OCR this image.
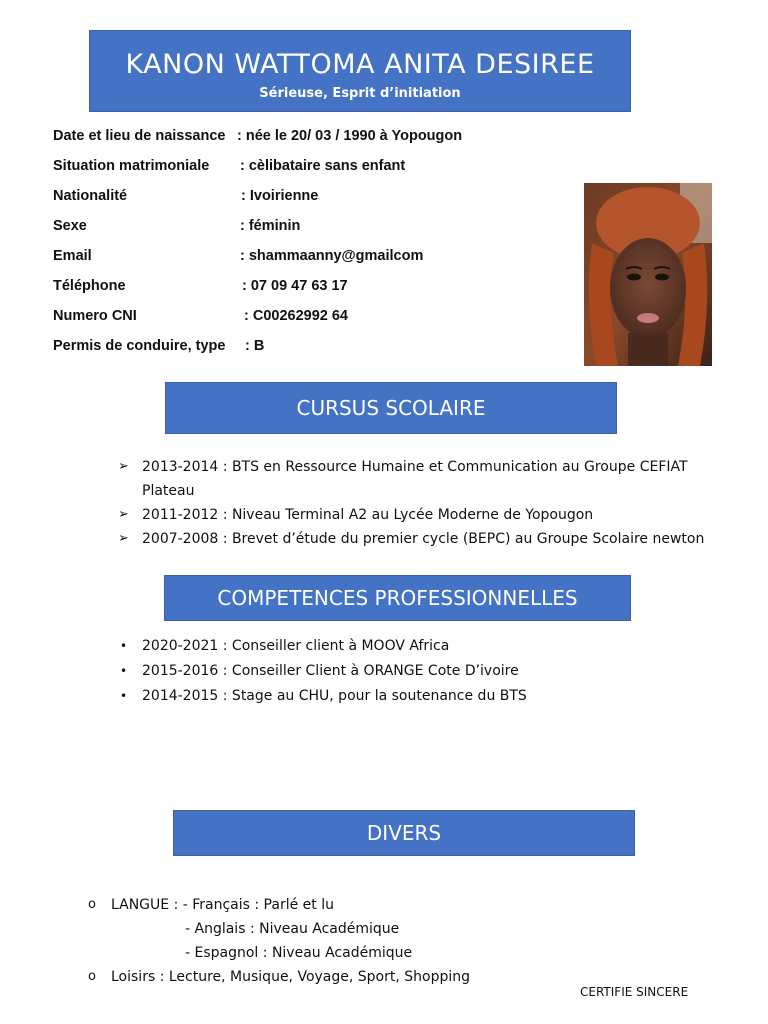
KANON WATTOMA ANITA DESIREE
Sérieuse, Esprit d’initiation
Date et lieu de naissance : née le 20/ 03 / 1990 à Yopougon
Situation matrimoniale : cèlibataire sans enfant
Nationalité	: Ivoirienne
Sexe	: féminin
Email	: shammaanny@gmailcom
Téléphone	: 07 09 47 63 17
Numero CNI	: C00262992 64
Permis de conduire, type : B
CURSUS SCOLAIRE
➢ 2013-2014 : BTS en Ressource Humaine et Communication au Groupe CEFIAT
Plateau
➢ 2011-2012 : Niveau Terminal A2 au Lycée Moderne de Yopougon
➢ 2007-2008 : Brevet d’étude du premier cycle (BEPC) au Groupe Scolaire newton
COMPETENCES PROFESSIONNELLES
• 2020-2021 : Conseiller client à MOOV Africa
• 2015-2016 : Conseiller Client à ORANGE Cote D’ivoire
• 2014-2015 : Stage au CHU, pour la soutenance du BTS
DIVERS
o LANGUE : - Français : Parlé et lu
- Anglais : Niveau Académique
- Espagnol : Niveau Académique
o Loisirs : Lecture, Musique, Voyage, Sport, Shopping
CERTIFIE SINCERE
